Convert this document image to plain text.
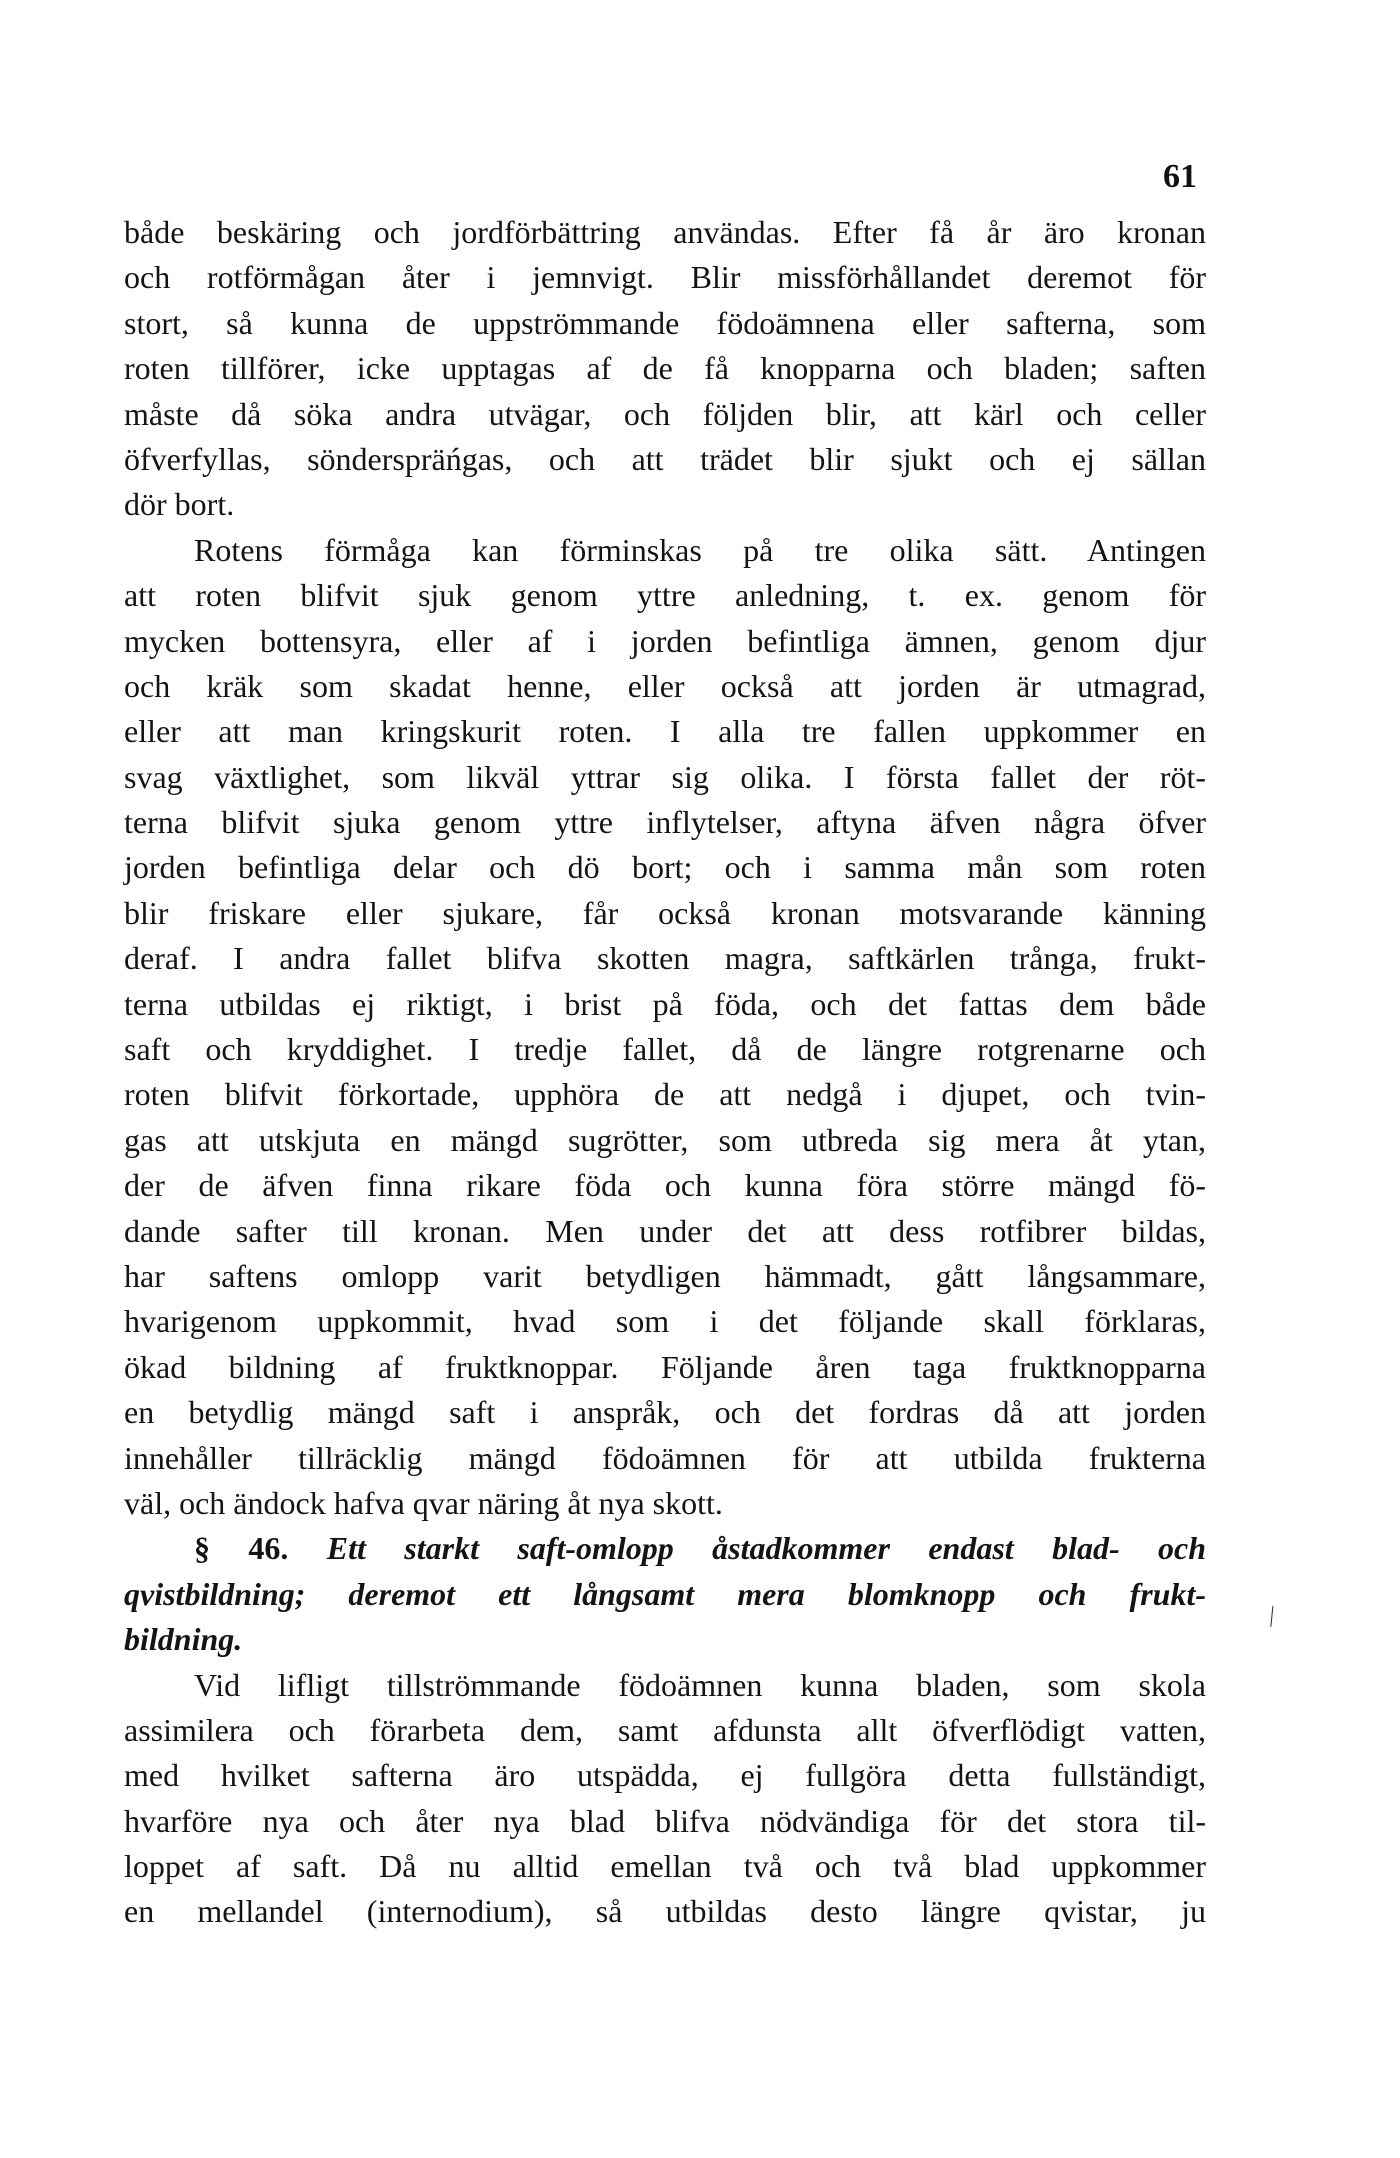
61
⁄
både beskäring och jordförbättring användas. Efter få år äro kronan
och rotförmågan åter i jemnvigt. Blir missförhållandet deremot för
stort, så kunna de uppströmmande födoämnena eller safterna, som
roten tillförer, icke upptagas af de få knopparna och bladen; saften
måste då söka andra utvägar, och följden blir, att kärl och celler
öfverfyllas, sönderspräńgas, och att trädet blir sjukt och ej sällan
dör bort.
Rotens förmåga kan förminskas på tre olika sätt. Antingen
att roten blifvit sjuk genom yttre anledning, t. ex. genom för
mycken bottensyra, eller af i jorden befintliga ämnen, genom djur
och kräk som skadat henne, eller också att jorden är utmagrad,
eller att man kringskurit roten. I alla tre fallen uppkommer en
svag växtlighet, som likväl yttrar sig olika. I första fallet der röt-
terna blifvit sjuka genom yttre inflytelser, aftyna äfven några öfver
jorden befintliga delar och dö bort; och i samma mån som roten
blir friskare eller sjukare, får också kronan motsvarande känning
deraf. I andra fallet blifva skotten magra, saftkärlen trånga, frukt-
terna utbildas ej riktigt, i brist på föda, och det fattas dem både
saft och kryddighet. I tredje fallet, då de längre rotgrenarne och
roten blifvit förkortade, upphöra de att nedgå i djupet, och tvin-
gas att utskjuta en mängd sugrötter, som utbreda sig mera åt ytan,
der de äfven finna rikare föda och kunna föra större mängd fö-
dande safter till kronan. Men under det att dess rotfibrer bildas,
har saftens omlopp varit betydligen hämmadt, gått långsammare,
hvarigenom uppkommit, hvad som i det följande skall förklaras,
ökad bildning af fruktknoppar. Följande åren taga fruktknopparna
en betydlig mängd saft i anspråk, och det fordras då att jorden
innehåller tillräcklig mängd födoämnen för att utbilda frukterna
väl, och ändock hafva qvar näring åt nya skott.
§ 46. Ett starkt saft-omlopp åstadkommer endast blad- och
qvistbildning; deremot ett långsamt mera blomknopp och frukt-
bildning.
Vid lifligt tillströmmande födoämnen kunna bladen, som skola
assimilera och förarbeta dem, samt afdunsta allt öfverflödigt vatten,
med hvilket safterna äro utspädda, ej fullgöra detta fullständigt,
hvarföre nya och åter nya blad blifva nödvändiga för det stora til-
loppet af saft. Då nu alltid emellan två och två blad uppkommer
en mellandel (internodium), så utbildas desto längre qvistar, ju
